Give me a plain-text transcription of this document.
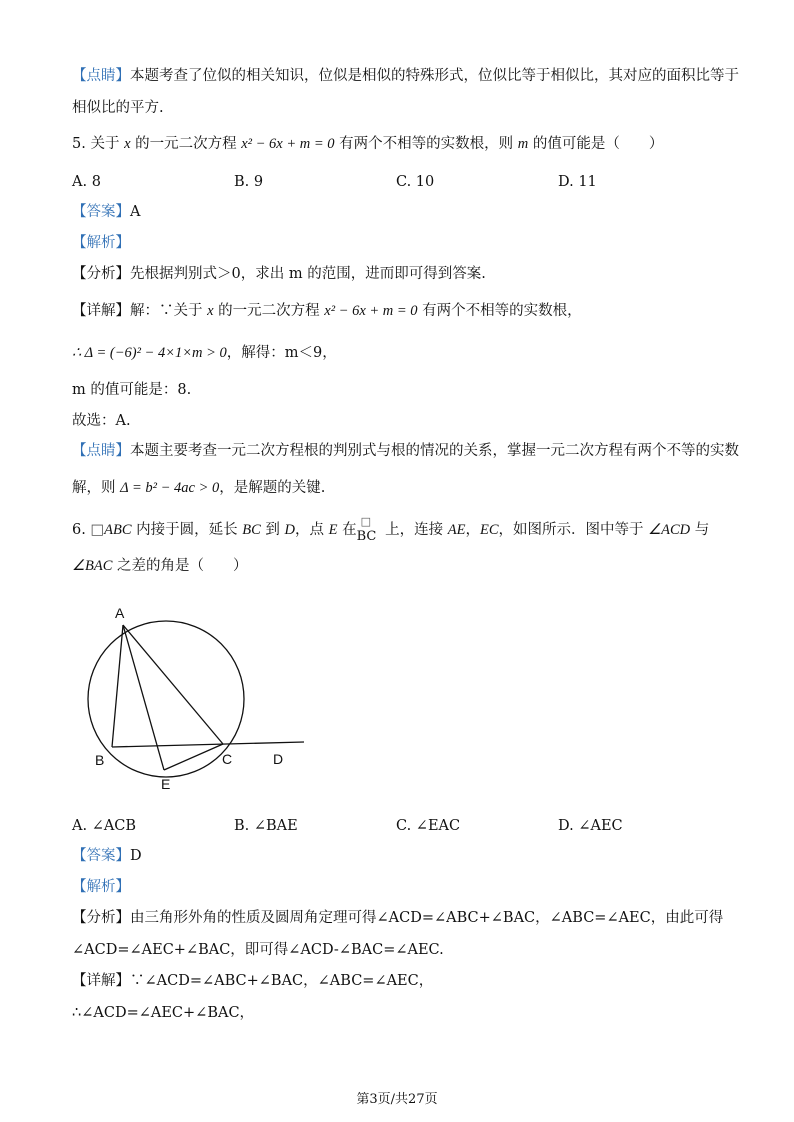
【点睛】本题考查了位似的相关知识，位似是相似的特殊形式，位似比等于相似比，其对应的面积比等于
相似比的平方.
5. 关于 x 的一元二次方程 x² − 6x + m = 0 有两个不相等的实数根，则 m 的值可能是（　　）
A. 8	B. 9	C. 10	D. 11
【答案】A
【解析】
【分析】先根据判别式＞0，求出 m 的范围，进而即可得到答案.
【详解】解：∵关于 x 的一元二次方程 x² − 6x + m = 0 有两个不相等的实数根，
∴ Δ = (−6)² − 4×1×m > 0，解得：m＜9，
m 的值可能是：8.
故选：A.
【点睛】本题主要考查一元二次方程根的判别式与根的情况的关系，掌握一元二次方程有两个不等的实数
解，则 Δ = b² − 4ac > 0，是解题的关键.
6. □ABC 内接于圆，延长 BC 到 D，点 E 在
□
BC 上，连接 AE，EC，如图所示．图中等于 ∠ACD 与
∠BAC 之差的角是（　　）
A
B	C	D
E
A. ∠ACB	B. ∠BAE	C. ∠EAC	D. ∠AEC
【答案】D
【解析】
【分析】由三角形外角的性质及圆周角定理可得∠ACD=∠ABC+∠BAC，∠ABC=∠AEC，由此可得
∠ACD=∠AEC+∠BAC，即可得∠ACD-∠BAC=∠AEC.
【详解】∵∠ACD=∠ABC+∠BAC，∠ABC=∠AEC，
∴∠ACD=∠AEC+∠BAC，
第3页/共27页
